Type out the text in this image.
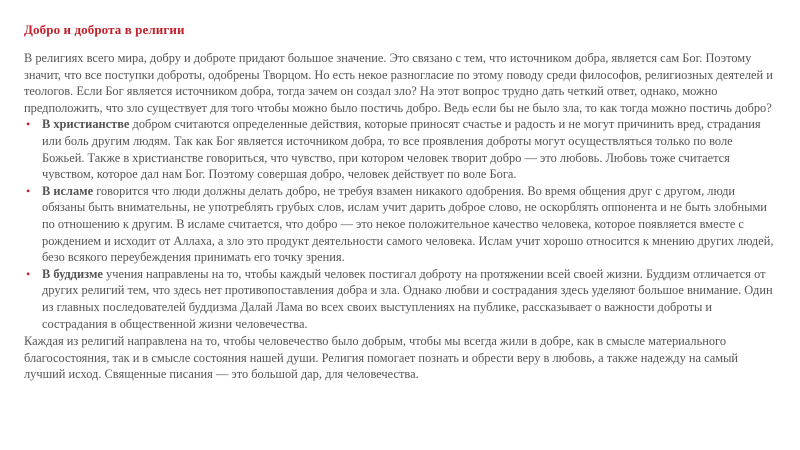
Добро и доброта в религии

В религиях всего мира, добру и доброте придают большое значение. Это связано с тем, что источником добра, является сам Бог. Поэтому значит, что все поступки доброты, одобрены Творцом. Но есть некое разногласие по этому поводу среди философов, религиозных деятелей и теологов. Если Бог является источником добра, тогда зачем он создал зло? На этот вопрос трудно дать четкий ответ, однако, можно предположить, что зло существует для того чтобы можно было постичь добро. Ведь если бы не было зла, то как тогда можно постичь добро?

• В христианстве добром считаются определенные действия, которые приносят счастье и радость и не могут причинить вред, страдания или боль другим людям. Так как Бог является источником добра, то все проявления доброты могут осуществляться только по воле Божьей. Также в христианстве говориться, что чувство, при котором человек творит добро — это любовь. Любовь тоже считается чувством, которое дал нам Бог. Поэтому совершая добро, человек действует по воле Бога.
• В исламе говорится что люди должны делать добро, не требуя взамен никакого одобрения. Во время общения друг с другом, люди обязаны быть внимательны, не употреблять грубых слов, ислам учит дарить доброе слово, не оскорблять оппонента и не быть злобными по отношению к другим. В исламе считается, что добро — это некое положительное качество человека, которое появляется вместе с рождением и исходит от Аллаха, а зло это продукт деятельности самого человека. Ислам учит хорошо относится к мнению других людей, безо всякого переубеждения принимать его точку зрения.
• В буддизме учения направлены на то, чтобы каждый человек постигал доброту на протяжении всей своей жизни. Буддизм отличается от других религий тем, что здесь нет противопоставления добра и зла. Однако любви и сострадания здесь уделяют большое внимание. Один из главных последователей буддизма Далай Лама во всех своих выступлениях на публике, рассказывает о важности доброты и сострадания в общественной жизни человечества.

Каждая из религий направлена на то, чтобы человечество было добрым, чтобы мы всегда жили в добре, как в смысле материального благосостояния, так и в смысле состояния нашей души. Религия помогает познать и обрести веру в любовь, а также надежду на самый лучший исход. Священные писания — это большой дар, для человечества.
